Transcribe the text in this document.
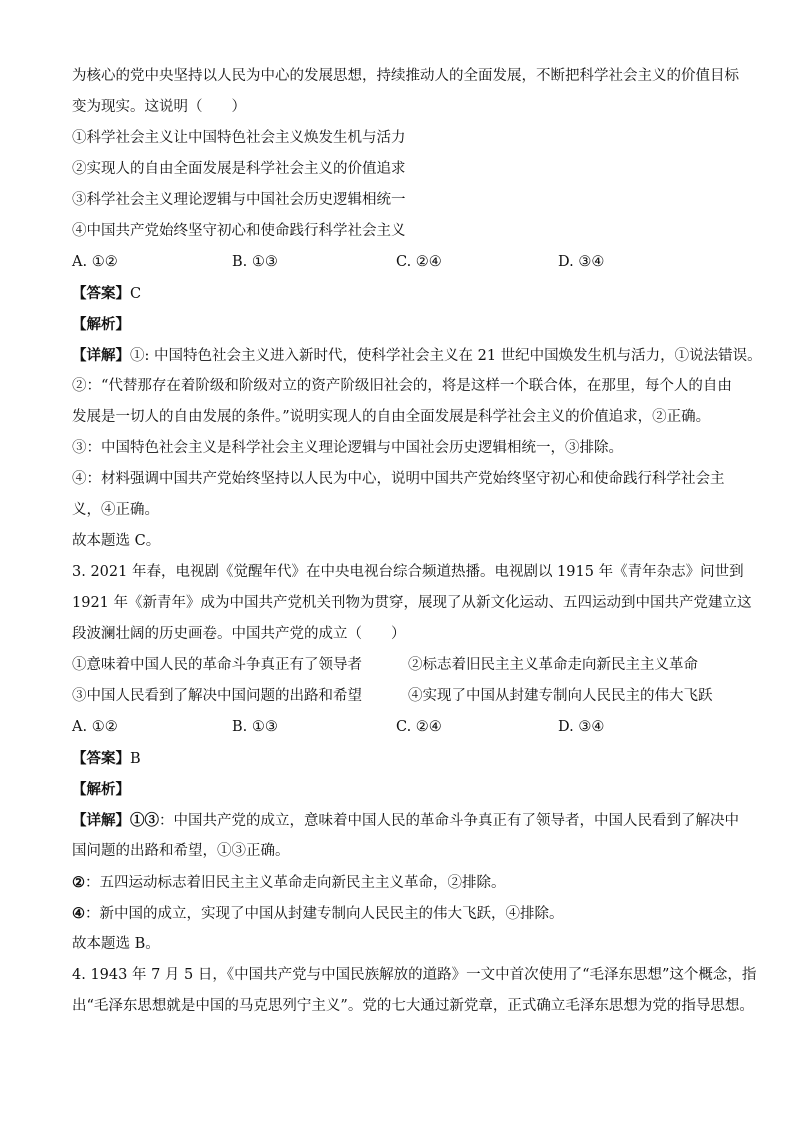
为核心的党中央坚持以人民为中心的发展思想，持续推动人的全面发展，不断把科学社会主义的价值目标
变为现实。这说明（　　）
①科学社会主义让中国特色社会主义焕发生机与活力
②实现人的自由全面发展是科学社会主义的价值追求
③科学社会主义理论逻辑与中国社会历史逻辑相统一
④中国共产党始终坚守初心和使命践行科学社会主义
A. ①②	B. ①③	C. ②④	D. ③④
【答案】C
【解析】
【详解】①: 中国特色社会主义进入新时代，使科学社会主义在 21 世纪中国焕发生机与活力，①说法错误。
②：“代替那存在着阶级和阶级对立的资产阶级旧社会的，将是这样一个联合体，在那里，每个人的自由
发展是一切人的自由发展的条件。”说明实现人的自由全面发展是科学社会主义的价值追求，②正确。
③：中国特色社会主义是科学社会主义理论逻辑与中国社会历史逻辑相统一，③排除。
④：材料强调中国共产党始终坚持以人民为中心，说明中国共产党始终坚守初心和使命践行科学社会主
义，④正确。
故本题选 C。
3. 2021 年春，电视剧《觉醒年代》在中央电视台综合频道热播。电视剧以 1915 年《青年杂志》问世到
1921 年《新青年》成为中国共产党机关刊物为贯穿，展现了从新文化运动、五四运动到中国共产党建立这
段波澜壮阔的历史画卷。中国共产党的成立（　　）
①意味着中国人民的革命斗争真正有了领导者	②标志着旧民主主义革命走向新民主主义革命
③中国人民看到了解决中国问题的出路和希望	④实现了中国从封建专制向人民民主的伟大飞跃
A. ①②	B. ①③	C. ②④	D. ③④
【答案】B
【解析】
【详解】①③：中国共产党的成立，意味着中国人民的革命斗争真正有了领导者，中国人民看到了解决中
国问题的出路和希望，①③正确。
②：五四运动标志着旧民主主义革命走向新民主主义革命，②排除。
④：新中国的成立，实现了中国从封建专制向人民民主的伟大飞跃，④排除。
故本题选 B。
4. 1943 年 7 月 5 日，《中国共产党与中国民族解放的道路》一文中首次使用了“毛泽东思想”这个概念，指
出“毛泽东思想就是中国的马克思列宁主义”。党的七大通过新党章，正式确立毛泽东思想为党的指导思想。
